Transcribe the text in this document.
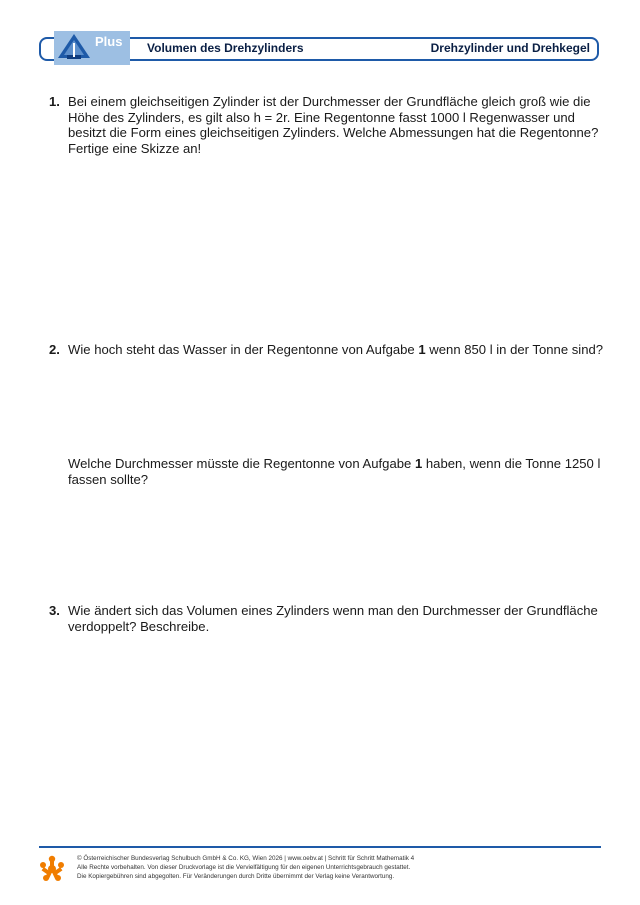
Plus Volumen des Drehzylinders	Drehzylinder und Drehkegel
1. Bei einem gleichseitigen Zylinder ist der Durchmesser der Grundfläche gleich groß wie die
Höhe des Zylinders, es gilt also h = 2r. Eine Regentonne fasst 1000 l Regenwasser und
besitzt die Form eines gleichseitigen Zylinders. Welche Abmessungen hat die Regentonne?
Fertige eine Skizze an!
2. Wie hoch steht das Wasser in der Regentonne von Aufgabe 1 wenn 850 l in der Tonne sind?
Welche Durchmesser müsste die Regentonne von Aufgabe 1 haben, wenn die Tonne 1250 l
fassen sollte?
3. Wie ändert sich das Volumen eines Zylinders wenn man den Durchmesser der Grundfläche
verdoppelt? Beschreibe.
© Österreichischer Bundesverlag Schulbuch GmbH & Co. KG, Wien 2026 | www.oebv.at | Schritt für Schritt Mathematik 4
Alle Rechte vorbehalten. Von dieser Druckvorlage ist die Vervielfältigung für den eigenen Unterrichtsgebrauch gestattet.
Die Kopiergebühren sind abgegolten. Für Veränderungen durch Dritte übernimmt der Verlag keine Verantwortung.
